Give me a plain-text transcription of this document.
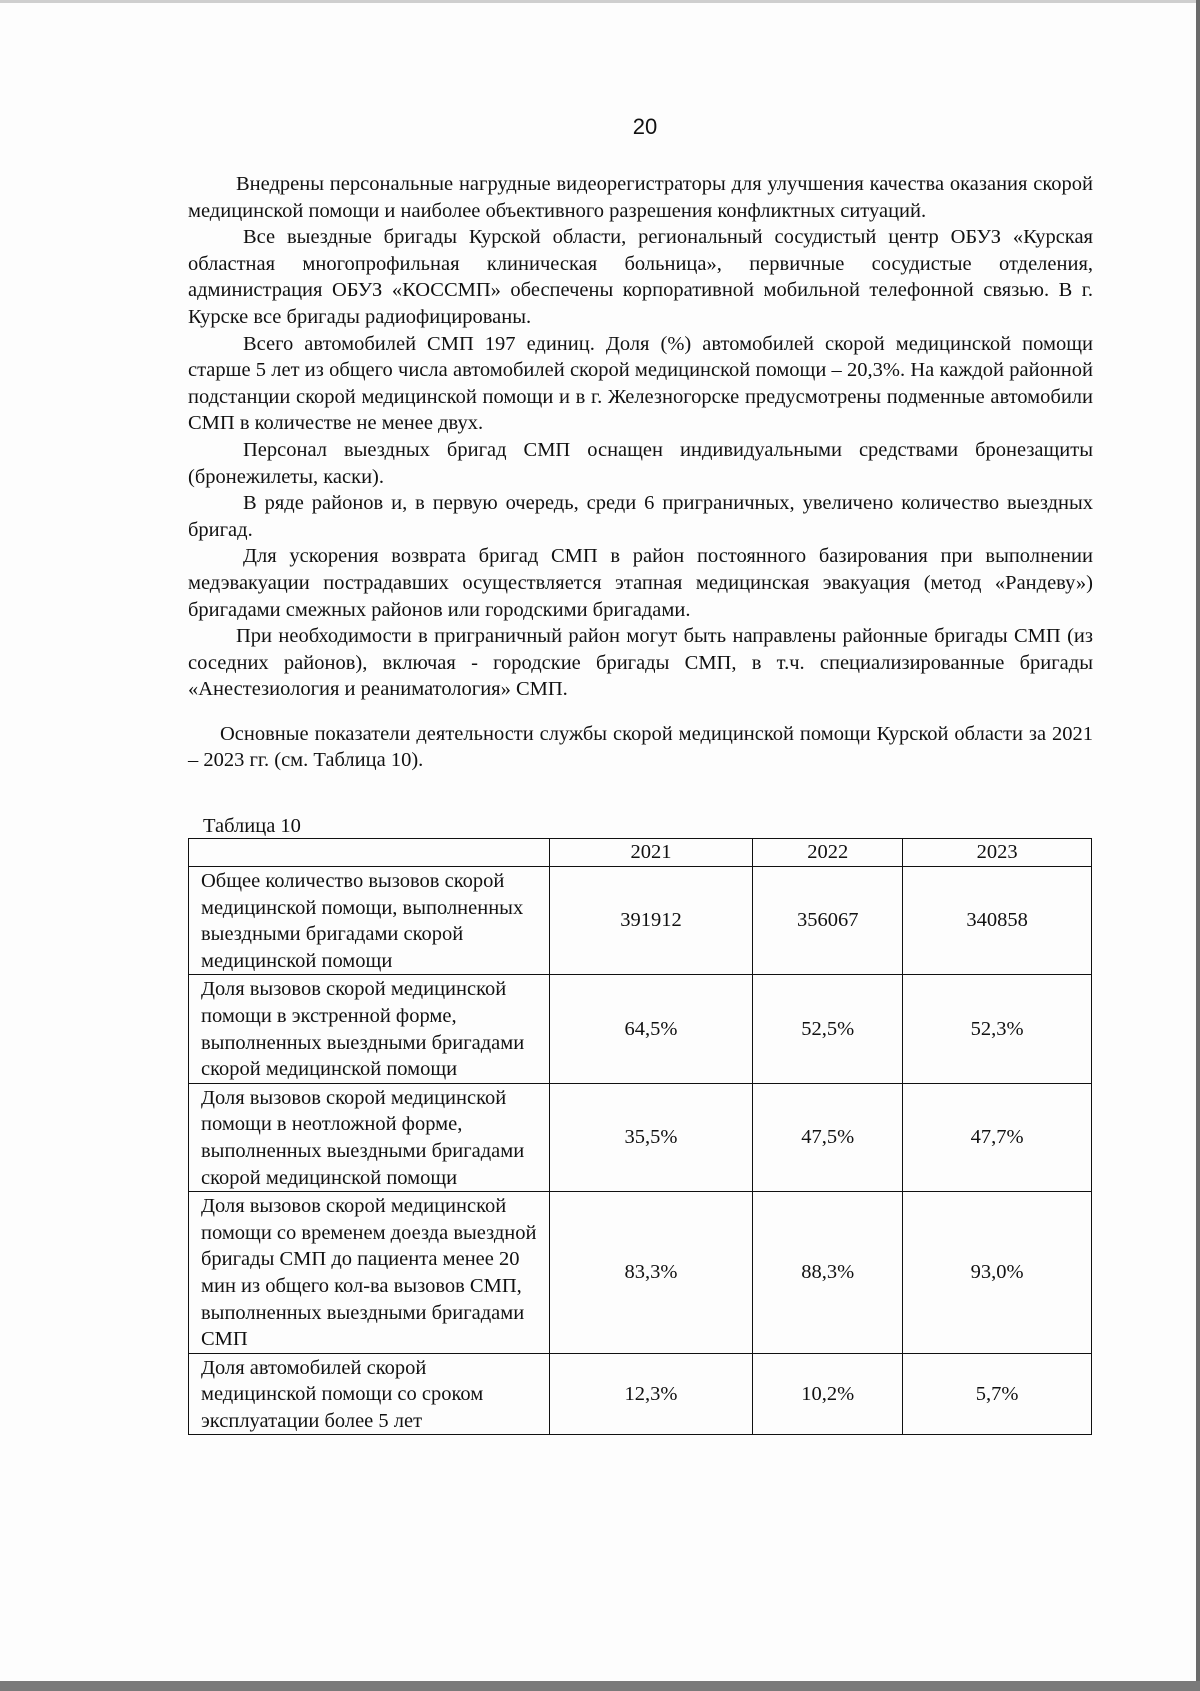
20

Внедрены персональные нагрудные видеорегистраторы для улучшения качества оказания скорой медицинской помощи и наиболее объективного разрешения конфликтных ситуаций.

Все выездные бригады Курской области, региональный сосудистый центр ОБУЗ «Курская областная многопрофильная клиническая больница», первичные сосудистые отделения, администрация ОБУЗ «КОССМП» обеспечены корпоративной мобильной телефонной связью. В г. Курске все бригады радиофицированы.

Всего автомобилей СМП 197 единиц. Доля (%) автомобилей скорой медицинской помощи старше 5 лет из общего числа автомобилей скорой медицинской помощи – 20,3%. На каждой районной подстанции скорой медицинской помощи и в г. Железногорске предусмотрены подменные автомобили СМП в количестве не менее двух.

Персонал выездных бригад СМП оснащен индивидуальными средствами бронезащиты (бронежилеты, каски).

В ряде районов и, в первую очередь, среди 6 приграничных, увеличено количество выездных бригад.

Для ускорения возврата бригад СМП в район постоянного базирования при выполнении медэвакуации пострадавших осуществляется этапная медицинская эвакуация (метод «Рандеву») бригадами смежных районов или городскими бригадами.

При необходимости в приграничный район могут быть направлены районные бригады СМП (из соседних районов), включая - городские бригады СМП, в т.ч. специализированные бригады «Анестезиология и реаниматология» СМП.

Основные показатели деятельности службы скорой медицинской помощи Курской области за 2021 – 2023 гг. (см. Таблица 10).

Таблица 10
	2021	2022	2023
Общее количество вызовов скорой медицинской помощи, выполненных выездными бригадами скорой медицинской помощи	391912	356067	340858
Доля вызовов скорой медицинской помощи в экстренной форме, выполненных выездными бригадами скорой медицинской помощи	64,5%	52,5%	52,3%
Доля вызовов скорой медицинской помощи в неотложной форме, выполненных выездными бригадами скорой медицинской помощи	35,5%	47,5%	47,7%
Доля вызовов скорой медицинской помощи со временем доезда выездной бригады СМП до пациента менее 20 мин из общего кол-ва вызовов СМП, выполненных выездными бригадами СМП	83,3%	88,3%	93,0%
Доля автомобилей скорой медицинской помощи со сроком эксплуатации более 5 лет	12,3%	10,2%	5,7%
